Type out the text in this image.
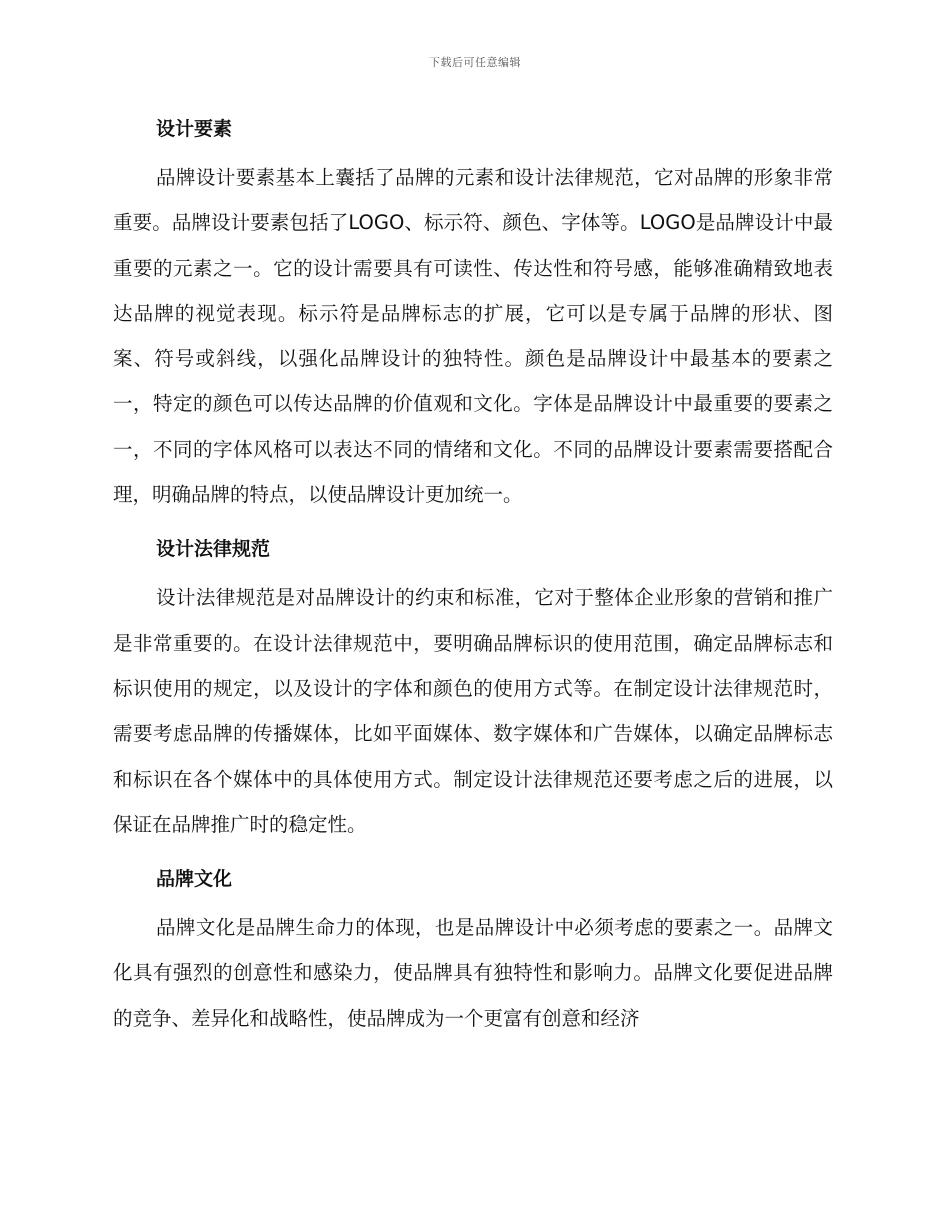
下载后可任意编辑
设计要素

品牌设计要素基本上囊括了品牌的元素和设计法律规范，它对品牌的形象非常重要。品牌设计要素包括了LOGO、标示符、颜色、字体等。LOGO是品牌设计中最重要的元素之一。它的设计需要具有可读性、传达性和符号感，能够准确精致地表达品牌的视觉表现。标示符是品牌标志的扩展，它可以是专属于品牌的形状、图案、符号或斜线，以强化品牌设计的独特性。颜色是品牌设计中最基本的要素之一，特定的颜色可以传达品牌的价值观和文化。字体是品牌设计中最重要的要素之一，不同的字体风格可以表达不同的情绪和文化。不同的品牌设计要素需要搭配合理，明确品牌的特点，以使品牌设计更加统一。

设计法律规范

设计法律规范是对品牌设计的约束和标准，它对于整体企业形象的营销和推广是非常重要的。在设计法律规范中，要明确品牌标识的使用范围，确定品牌标志和标识使用的规定，以及设计的字体和颜色的使用方式等。在制定设计法律规范时，需要考虑品牌的传播媒体，比如平面媒体、数字媒体和广告媒体，以确定品牌标志和标识在各个媒体中的具体使用方式。制定设计法律规范还要考虑之后的进展，以保证在品牌推广时的稳定性。

品牌文化

品牌文化是品牌生命力的体现，也是品牌设计中必须考虑的要素之一。品牌文化具有强烈的创意性和感染力，使品牌具有独特性和影响力。品牌文化要促进品牌的竞争、差异化和战略性，使品牌成为一个更富有创意和经济
